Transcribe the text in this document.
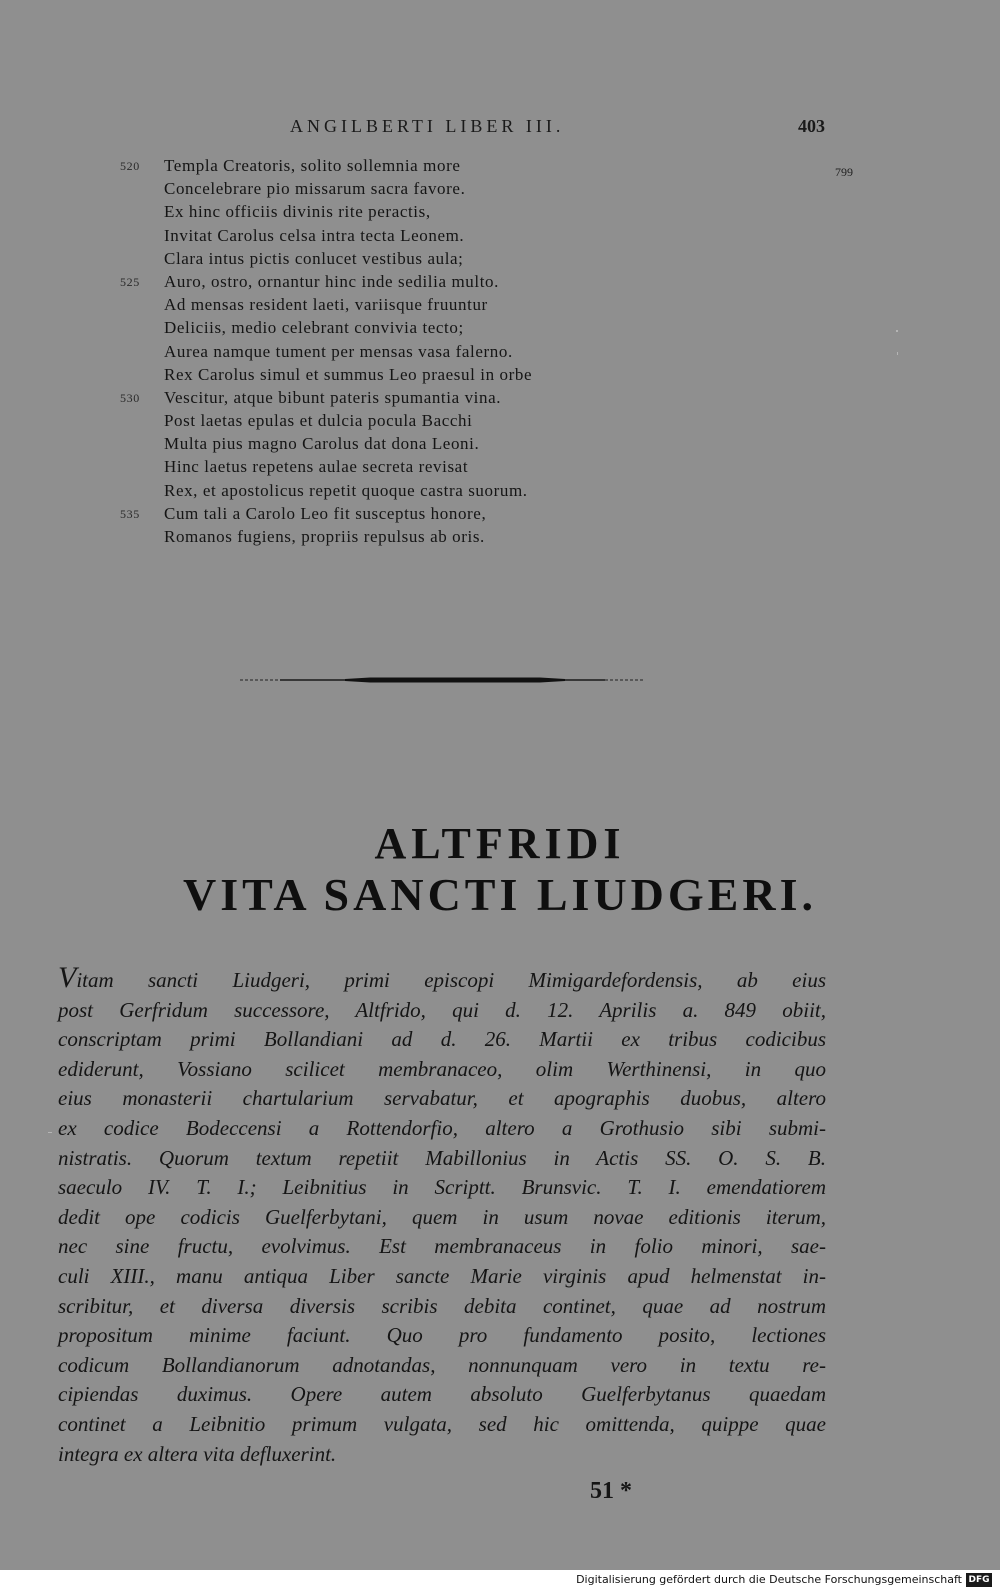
ANGILBERTI LIBER III.	403
799
520 Templa Creatoris, solito sollemnia more
Concelebrare pio missarum sacra favore.
Ex hinc officiis divinis rite peractis,
Invitat Carolus celsa intra tecta Leonem.
Clara intus pictis conlucet vestibus aula;
525 Auro, ostro, ornantur hinc inde sedilia multo.
Ad mensas resident laeti, variisque fruuntur
Deliciis, medio celebrant convivia tecto;
Aurea namque tument per mensas vasa falerno.
Rex Carolus simul et summus Leo praesul in orbe
530 Vescitur, atque bibunt pateris spumantia vina.
Post laetas epulas et dulcia pocula Bacchi
Multa pius magno Carolus dat dona Leoni.
Hinc laetus repetens aulae secreta revisat
Rex, et apostolicus repetit quoque castra suorum.
535 Cum tali a Carolo Leo fit susceptus honore,
Romanos fugiens, propriis repulsus ab oris.
ALTFRIDI
VITA SANCTI LIUDGERI.
Vitam sancti Liudgeri, primi episcopi Mimigardefordensis, ab eius
post Gerfridum successore, Altfrido, qui d. 12. Aprilis a. 849 obiit,
conscriptam primi Bollandiani ad d. 26. Martii ex tribus codicibus
ediderunt, Vossiano scilicet membranaceo, olim Werthinensi, in quo
eius monasterii chartularium servabatur, et apographis duobus, altero
ex codice Bodeccensi a Rottendorfio, altero a Grothusio sibi submi-
nistratis. Quorum textum repetiit Mabillonius in Actis SS. O. S. B.
saeculo IV. T. I.; Leibnitius in Scriptt. Brunsvic. T. I. emendatiorem
dedit ope codicis Guelferbytani, quem in usum novae editionis iterum,
nec sine fructu, evolvimus. Est membranaceus in folio minori, sae-
culi XIII., manu antiqua Liber sancte Marie virginis apud helmenstat in-
scribitur, et diversa diversis scribis debita continet, quae ad nostrum
propositum minime faciunt. Quo pro fundamento posito, lectiones
codicum Bollandianorum adnotandas, nonnunquam vero in textu re-
cipiendas duximus. Opere autem absoluto Guelferbytanus quaedam
continet a Leibnitio primum vulgata, sed hic omittenda, quippe quae
integra ex altera vita defluxerint.
51 *
Digitalisierung gefördert durch die Deutsche Forschungsgemeinschaft DFG
